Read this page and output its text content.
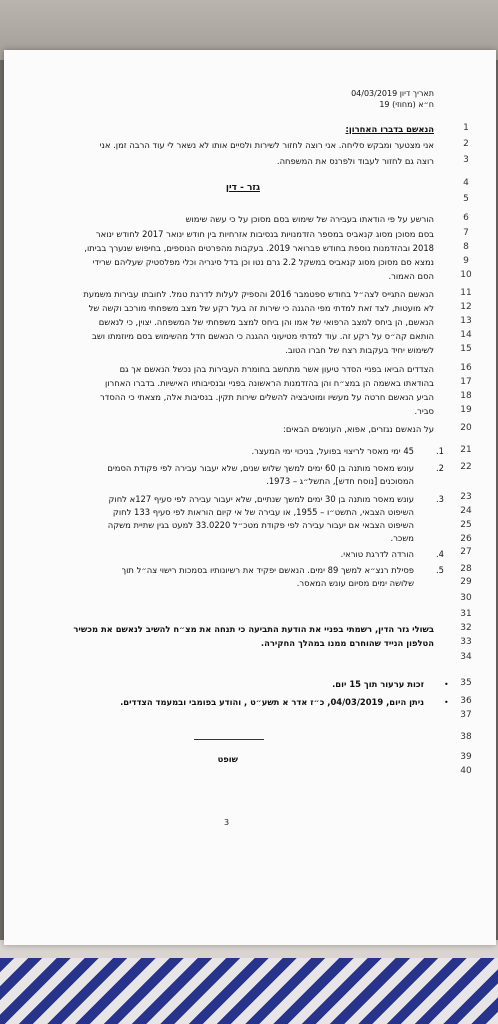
תאריך דיון 04/03/2019
ח״א (מחוזי) 19
1
2
3
4
5
6
7
8
9
10
11
12
13
14
15
16
17
18
19
20
21
22
23
24
25
26
27
28
29
30
31
32
33
34
35
36
37
38
39
40
הנאשם בדברו האחרון:
אני מצטער ומבקש סליחה. אני רוצה לחזור לשירות ולסיים אותו לא נשאר לי עוד הרבה זמן. אני
רוצה גם לחזור לעבוד ולפרנס את המשפחה.
גזר - דין
הורשע על פי הודאתו בעבירה של שימוש בסם מסוכן על כי עשה שימוש
בסם מסוכן מסוג קנאביס במספר הזדמנויות בנסיבות אזרחיות בין חודש ינואר 2017 לחודש ינואר
2018 ובהזדמנות נוספת בחודש פברואר 2019. בעקבות מהפרטים הנוספים, בחיפוש שנערך בביתו,
נמצא סם מסוכן מסוג קנאביס במשקל 2.2 גרם נטו וכן בדל סיגריה וכלי מפלסטיק שעליהם שרידי
הסם האמור.
הנאשם התגייס לצה״ל בחודש ספטמבר 2016 והספיק לעלות לדרגת טמל. לחובתו עבירות משמעת
לא מועטות, לצד זאת למדתי מפי ההגנה כי שירות זה בעל רקע של מצב משפחתי מורכב וקשה של
הנאשם, הן ביחס למצב הרפואי של אמו והן ביחס למצב משפחתי של המשפחה. יצוין, כי לנאשם
הותאם קה״ס על רקע זה. עוד למדתי מטיעוני ההגנה כי הנאשם חדל מהשימוש בסם מיוזמתו ושב
לשימוש יחיד בעקבות רצח של חברו הטוב.
הצדדים הביאו בפניי הסדר טיעון אשר מתחשב בחומרת העבירות בהן נכשל הנאשם אך גם
בהודאתו באשמה הן במצ״ח והן בהזדמנות הראשונה בפניי ובנסיבותיו האישיות. בדברו האחרון
הביע הנאשם חרטה על מעשיו ומוטיבציה להשלים שירות תקין. בנסיבות אלה, מצאתי כי ההסדר
סביר.
על הנאשם נגזרים, אפוא, העונשים הבאים:
1.
45 ימי מאסר לריצוי בפועל, בניכוי ימי המעצר.
2.
עונש מאסר מותנה בן 60 ימים למשך שלוש שנים, שלא יעבור עבירה לפי פקודת הסמים
המסוכנים [נוסח חדש], התשל״ג – 1973.
3.
עונש מאסר מותנה בן 30 ימים למשך שנתיים, שלא יעבור עבירה לפי סעיף 127א לחוק
השיפוט הצבאי, התשט״ו – 1955, או עבירה של אי קיום הוראות לפי סעיף 133 לחוק
השיפוט הצבאי אם יעבור עבירה לפי פקודת מטכ״ל 33.0220 למעט בגין שתיית משקה
משכר.
4.
הורדה לדרגת טוראי.
5.
פסילת רנצ״א למשך 89 ימים. הנאשם יפקיד את רשיונותיו בסמכות רישוי צה״ל תוך
שלושה ימים מסיום עונש המאסר.
בשולי גזר הדין, רשמתי בפניי את הודעת התביעה כי תנחה את מצ״ח להשיב לנאשם את מכשיר
הטלפון הנייד שהוחרם ממנו במהלך החקירה.
•
זכות ערעור תוך 15 יום.
•
ניתן היום, 04/03/2019, כ״ז אדר א תשע״ט , והודע בפומבי ובמעמד הצדדים.
שופט
3
